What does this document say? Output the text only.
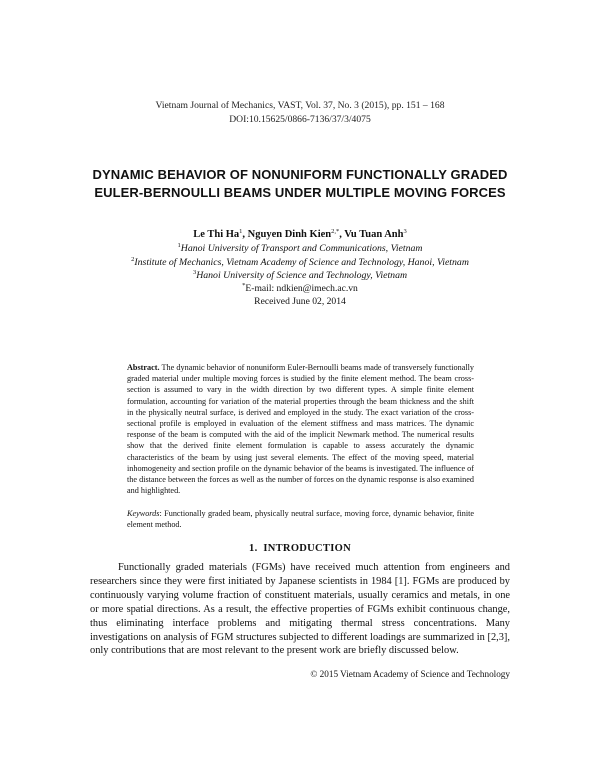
Vietnam Journal of Mechanics, VAST, Vol. 37, No. 3 (2015), pp. 151 – 168
DOI:10.15625/0866-7136/37/3/4075
DYNAMIC BEHAVIOR OF NONUNIFORM FUNCTIONALLY GRADED EULER-BERNOULLI BEAMS UNDER MULTIPLE MOVING FORCES
Le Thi Ha$^1$, Nguyen Dinh Kien$^{2,*}$, Vu Tuan Anh$^3$
$^1$Hanoi University of Transport and Communications, Vietnam
$^2$Institute of Mechanics, Vietnam Academy of Science and Technology, Hanoi, Vietnam
$^3$Hanoi University of Science and Technology, Vietnam
*E-mail: ndkien@imech.ac.vn
Received June 02, 2014
Abstract. The dynamic behavior of nonuniform Euler-Bernoulli beams made of transversely functionally graded material under multiple moving forces is studied by the finite element method. The beam cross-section is assumed to vary in the width direction by two different types. A simple finite element formulation, accounting for variation of the material properties through the beam thickness and the shift in the physically neutral surface, is derived and employed in the study. The exact variation of the cross-sectional profile is employed in evaluation of the element stiffness and mass matrices. The dynamic response of the beam is computed with the aid of the implicit Newmark method. The numerical results show that the derived finite element formulation is capable to assess accurately the dynamic characteristics of the beam by using just several elements. The effect of the moving speed, material inhomogeneity and section profile on the dynamic behavior of the beams is investigated. The influence of the distance between the forces as well as the number of forces on the dynamic response is also examined and highlighted.
Keywords: Functionally graded beam, physically neutral surface, moving force, dynamic behavior, finite element method.
1. INTRODUCTION
Functionally graded materials (FGMs) have received much attention from engineers and researchers since they were first initiated by Japanese scientists in 1984 [1]. FGMs are produced by continuously varying volume fraction of constituent materials, usually ceramics and metals, in one or more spatial directions. As a result, the effective properties of FGMs exhibit continuous change, thus eliminating interface problems and mitigating thermal stress concentrations. Many investigations on analysis of FGM structures subjected to different loadings are summarized in [2,3], only contributions that are most relevant to the present work are briefly discussed below.
© 2015 Vietnam Academy of Science and Technology
